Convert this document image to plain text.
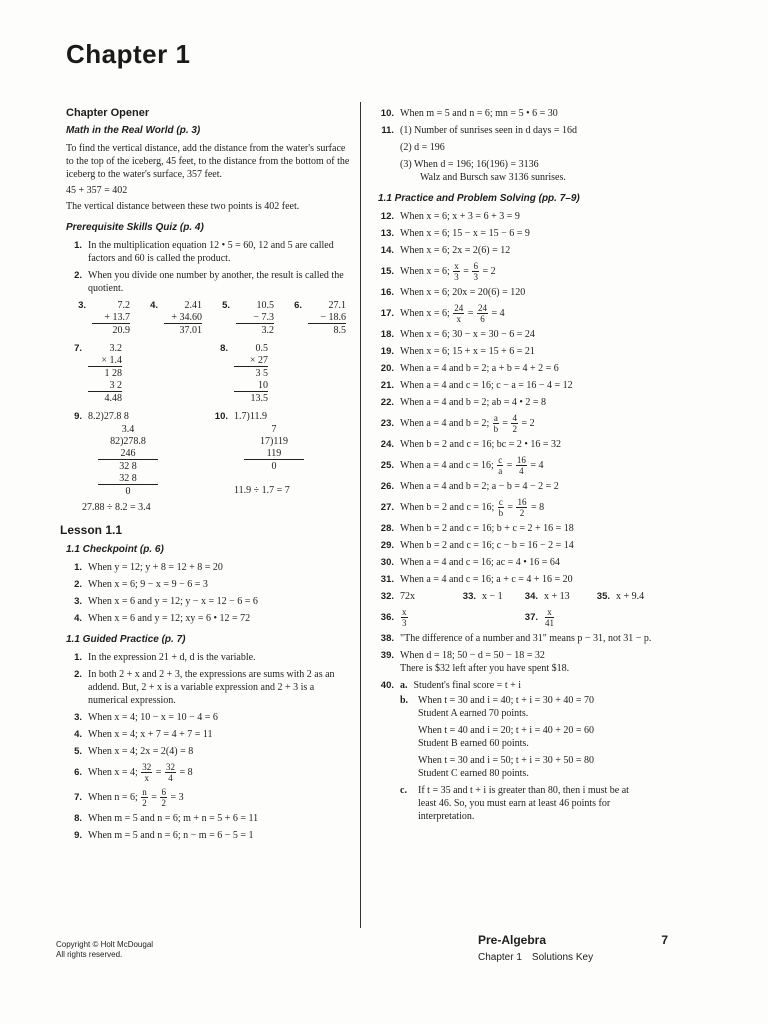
Chapter 1
Chapter Opener
Math in the Real World (p. 3)
To find the vertical distance, add the distance from the water's surface to the top of the iceberg, 45 feet, to the distance from the bottom of the iceberg to the water's surface, 357 feet.
45 + 357 = 402
The vertical distance between these two points is 402 feet.
Prerequisite Skills Quiz (p. 4)
1. In the multiplication equation 12 • 5 = 60, 12 and 5 are called factors and 60 is called the product.
2. When you divide one number by another, the result is called the quotient.
3.	7.2
+ 13.7
20.9
4.	2.41
+ 34.60
37.01
5.	10.5
− 7.3
3.2
6.	27.1
− 18.6
8.5
7.	3.2
× 1.4
1 28
3 2
4.48
8.	0.5
× 27
3 5
10
13.5
9. 8.2)27.8 8
3.4
82)278.8
246
32 8
32 8
0
10. 1.7)11.9
7
17)119
119
0
11.9 ÷ 1.7 = 7
27.88 ÷ 8.2 = 3.4
Lesson 1.1
1.1 Checkpoint (p. 6)
1. When y = 12; y + 8 = 12 + 8 = 20
2. When x = 6; 9 − x = 9 − 6 = 3
3. When x = 6 and y = 12; y − x = 12 − 6 = 6
4. When x = 6 and y = 12; xy = 6 • 12 = 72
1.1 Guided Practice (p. 7)
1. In the expression 21 + d, d is the variable.
2. In both 2 + x and 2 + 3, the expressions are sums with 2 as an addend. But, 2 + x is a variable expression and 2 + 3 is a numerical expression.
3. When x = 4; 10 − x = 10 − 4 = 6
4. When x = 4; x + 7 = 4 + 7 = 11
5. When x = 4; 2x = 2(4) = 8
6. When x = 4; $\frac{32}{x} = \frac{32}{4} = 8$
7. When n = 6; $\frac{n}{2} = \frac{6}{2} = 3$
8. When m = 5 and n = 6; m + n = 5 + 6 = 11
9. When m = 5 and n = 6; n − m = 6 − 5 = 1
10. When m = 5 and n = 6; mn = 5 • 6 = 30
11. (1) Number of sunrises seen in d days = 16d
(2) d = 196
(3) When d = 196; 16(196) = 3136
Walz and Bursch saw 3136 sunrises.
1.1 Practice and Problem Solving (pp. 7–9)
12. When x = 6; x + 3 = 6 + 3 = 9
13. When x = 6; 15 − x = 15 − 6 = 9
14. When x = 6; 2x = 2(6) = 12
15. When x = 6; $\frac{x}{3} = \frac{6}{3} = 2$
16. When x = 6; 20x = 20(6) = 120
17. When x = 6; $\frac{24}{x} = \frac{24}{6} = 4$
18. When x = 6; 30 − x = 30 − 6 = 24
19. When x = 6; 15 + x = 15 + 6 = 21
20. When a = 4 and b = 2; a + b = 4 + 2 = 6
21. When a = 4 and c = 16; c − a = 16 − 4 = 12
22. When a = 4 and b = 2; ab = 4 • 2 = 8
23. When a = 4 and b = 2; $\frac{a}{b} = \frac{4}{2} = 2$
24. When b = 2 and c = 16; bc = 2 • 16 = 32
25. When a = 4 and c = 16; $\frac{c}{a} = \frac{16}{4} = 4$
26. When a = 4 and b = 2; a − b = 4 − 2 = 2
27. When b = 2 and c = 16; $\frac{c}{b} = \frac{16}{2} = 8$
28. When b = 2 and c = 16; b + c = 2 + 16 = 18
29. When b = 2 and c = 16; c − b = 16 − 2 = 14
30. When a = 4 and c = 16; ac = 4 • 16 = 64
31. When a = 4 and c = 16; a + c = 4 + 16 = 20
32. 72x	33. x − 1	34. x + 13	35. x + 9.4
36. $\frac{x}{3}$	37. $\frac{x}{41}$
38. "The difference of a number and 31" means p − 31, not 31 − p.
39. When d = 18; 50 − d = 50 − 18 = 32
There is $32 left after you have spent $18.
40. a. Student's final score = t + i
b. When t = 30 and i = 40; t + i = 30 + 40 = 70
Student A earned 70 points.
When t = 40 and i = 20; t + i = 40 + 20 = 60
Student B earned 60 points.
When t = 30 and i = 50; t + i = 30 + 50 = 80
Student C earned 80 points.
c.	If t = 35 and t + i is greater than 80, then i must be at least 46. So, you must earn at least 46 points for interpretation.
Copyright © Holt McDougal
All rights reserved.
Pre-Algebra	7
Chapter 1 Solutions Key
